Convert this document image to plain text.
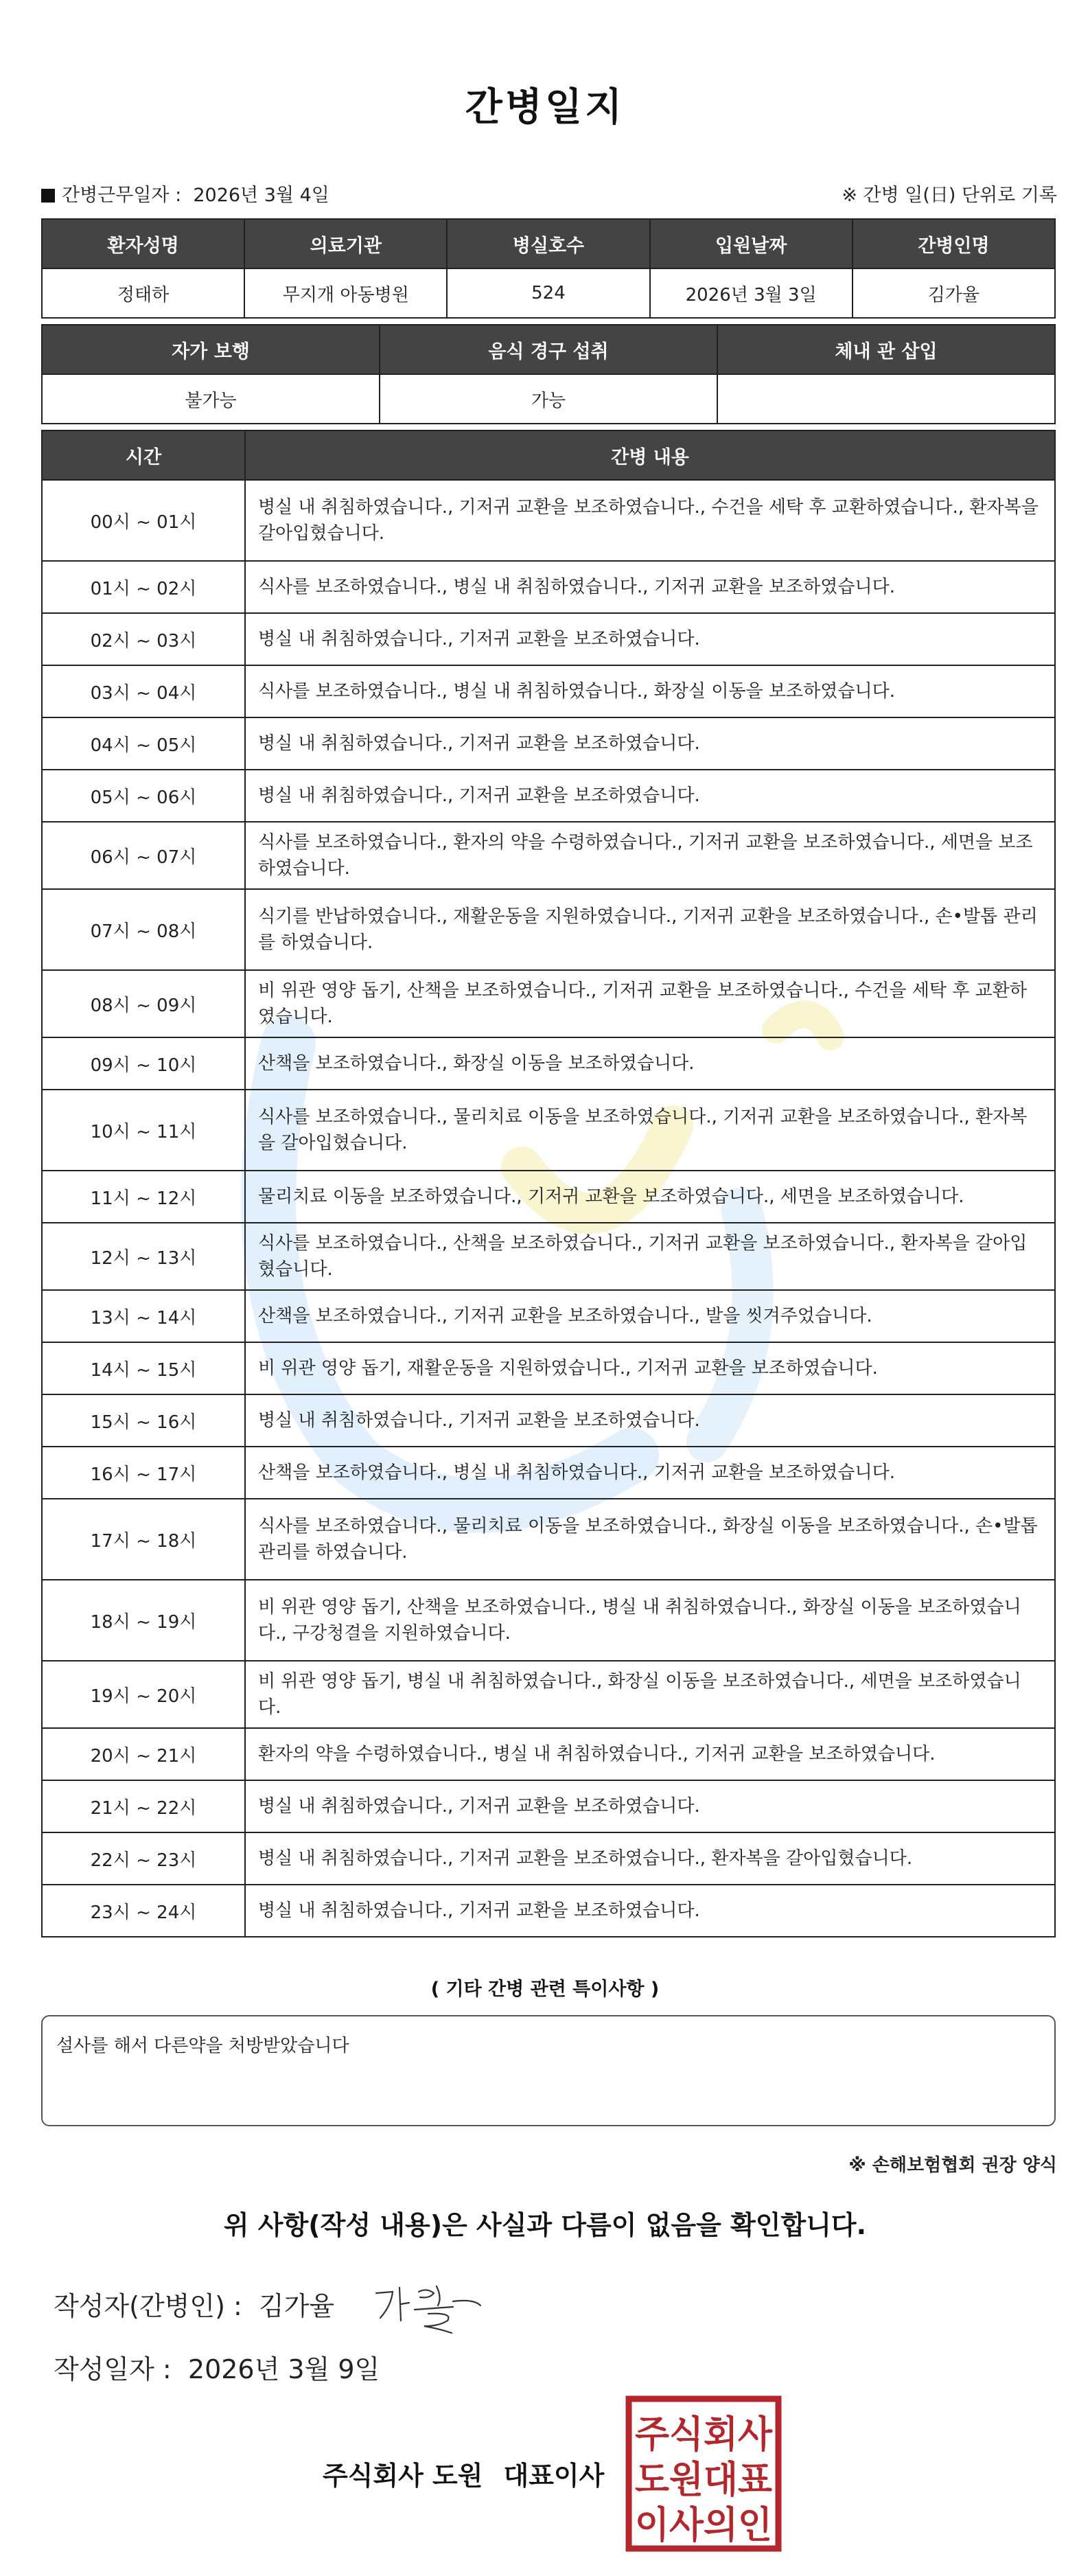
간병일지
간병근무일자 : 2026년 3월 4일	※ 간병 일(日) 단위로 기록
환자성명	의료기관	병실호수	입원날짜	간병인명
정태하	무지개 아동병원	524	2026년 3월 3일	김가율
자가 보행	음식 경구 섭취	체내 관 삽입
불가능	가능	
시간	간병 내용
00시 ~ 01시	병실 내 취침하였습니다., 기저귀 교환을 보조하였습니다., 수건을 세탁 후 교환하였습니다., 환자복을 갈아입혔습니다.
01시 ~ 02시	식사를 보조하였습니다., 병실 내 취침하였습니다., 기저귀 교환을 보조하였습니다.
02시 ~ 03시	병실 내 취침하였습니다., 기저귀 교환을 보조하였습니다.
03시 ~ 04시	식사를 보조하였습니다., 병실 내 취침하였습니다., 화장실 이동을 보조하였습니다.
04시 ~ 05시	병실 내 취침하였습니다., 기저귀 교환을 보조하였습니다.
05시 ~ 06시	병실 내 취침하였습니다., 기저귀 교환을 보조하였습니다.
06시 ~ 07시	식사를 보조하였습니다., 환자의 약을 수령하였습니다., 기저귀 교환을 보조하였습니다., 세면을 보조하였습니다.
07시 ~ 08시	식기를 반납하였습니다., 재활운동을 지원하였습니다., 기저귀 교환을 보조하였습니다., 손•발톱 관리를 하였습니다.
08시 ~ 09시	비 위관 영양 돕기, 산책을 보조하였습니다., 기저귀 교환을 보조하였습니다., 수건을 세탁 후 교환하였습니다.
09시 ~ 10시	산책을 보조하였습니다., 화장실 이동을 보조하였습니다.
10시 ~ 11시	식사를 보조하였습니다., 물리치료 이동을 보조하였습니다., 기저귀 교환을 보조하였습니다., 환자복을 갈아입혔습니다.
11시 ~ 12시	물리치료 이동을 보조하였습니다., 기저귀 교환을 보조하였습니다., 세면을 보조하였습니다.
12시 ~ 13시	식사를 보조하였습니다., 산책을 보조하였습니다., 기저귀 교환을 보조하였습니다., 환자복을 갈아입혔습니다.
13시 ~ 14시	산책을 보조하였습니다., 기저귀 교환을 보조하였습니다., 발을 씻겨주었습니다.
14시 ~ 15시	비 위관 영양 돕기, 재활운동을 지원하였습니다., 기저귀 교환을 보조하였습니다.
15시 ~ 16시	병실 내 취침하였습니다., 기저귀 교환을 보조하였습니다.
16시 ~ 17시	산책을 보조하였습니다., 병실 내 취침하였습니다., 기저귀 교환을 보조하였습니다.
17시 ~ 18시	식사를 보조하였습니다., 물리치료 이동을 보조하였습니다., 화장실 이동을 보조하였습니다., 손•발톱 관리를 하였습니다.
18시 ~ 19시	비 위관 영양 돕기, 산책을 보조하였습니다., 병실 내 취침하였습니다., 화장실 이동을 보조하였습니다., 구강청결을 지원하였습니다.
19시 ~ 20시	비 위관 영양 돕기, 병실 내 취침하였습니다., 화장실 이동을 보조하였습니다., 세면을 보조하였습니다.
20시 ~ 21시	환자의 약을 수령하였습니다., 병실 내 취침하였습니다., 기저귀 교환을 보조하였습니다.
21시 ~ 22시	병실 내 취침하였습니다., 기저귀 교환을 보조하였습니다.
22시 ~ 23시	병실 내 취침하였습니다., 기저귀 교환을 보조하였습니다., 환자복을 갈아입혔습니다.
23시 ~ 24시	병실 내 취침하였습니다., 기저귀 교환을 보조하였습니다.
( 기타 간병 관련 특이사항 )
설사를 해서 다른약을 처방받았습니다
※ 손해보험협회 권장 양식
위 사항(작성 내용)은 사실과 다름이 없음을 확인합니다.
작성자(간병인) : 김가율
작성일자 : 2026년 3월 9일
주식회사 도원 대표이사
주식회사
도원대표
이사의인
